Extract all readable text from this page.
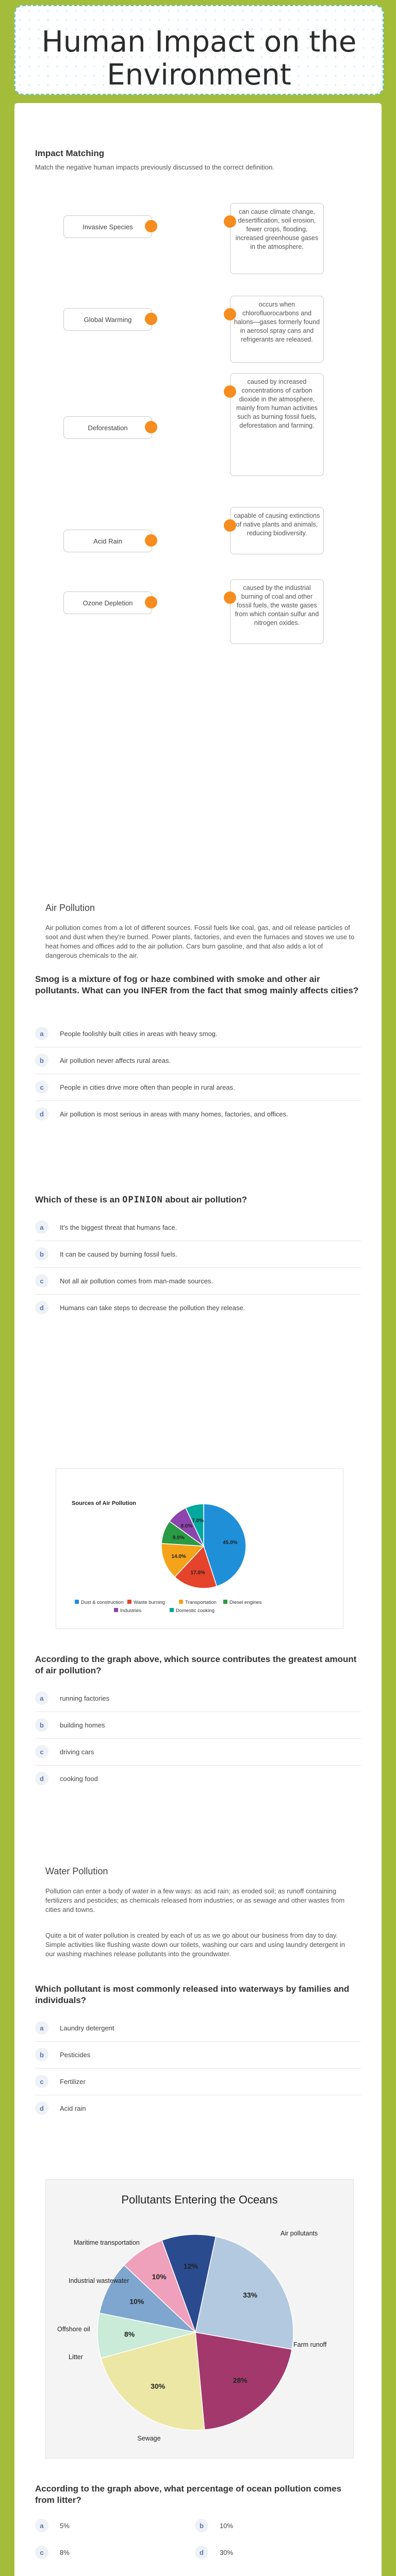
Human Impact on the Environment
Impact Matching
Match the negative human impacts previously discussed to the correct definition.
Invasive Species
Global Warming
Deforestation
Acid Rain
Ozone Depletion
can cause climate change, desertification, soil erosion, fewer crops, flooding, increased greenhouse gases in the atmosphere.
occurs when chlorofluorocarbons and halons—gases formerly found in aerosol spray cans and refrigerants are released.
caused by increased concentrations of carbon dioxide in the atmosphere, mainly from human activities such as burning fossil fuels, deforestation and farming.
capable of causing extinctions of native plants and animals, reducing biodiversity.
caused by the industrial burning of coal and other fossil fuels, the waste gases from which contain sulfur and nitrogen oxides.
Air Pollution
Air pollution comes from a lot of different sources. Fossil fuels like coal, gas, and oil release particles of soot and dust when they're burned. Power plants, factories, and even the furnaces and stoves we use to heat homes and offices add to the air pollution. Cars burn gasoline, and that also adds a lot of dangerous chemicals to the air.
Smog is a mixture of fog or haze combined with smoke and other air pollutants. What can you INFER from the fact that smog mainly affects cities?
a	People foolishly built cities in areas with heavy smog.
b	Air pollution never affects rural areas.
c	People in cities drive more often than people in rural areas.
d	Air pollution is most serious in areas with many homes, factories, and offices.
Which of these is an OPINION about air pollution?
a	It's the biggest threat that humans face.
b	It can be caused by burning fossil fuels.
c	Not all air pollution comes from man-made sources.
d	Humans can take steps to decrease the pollution they release.
Sources of Air Pollution
45.0%
17.0%
14.0%
9.0%
8.0%
7.0%
Dust & construction Waste burning	Transportation	Diesel engines
Industries	Domestic cooking
According to the graph above, which source contributes the greatest amount of air pollution?
a	running factories
b	building homes
c	driving cars
d	cooking food
Water Pollution
Pollution can enter a body of water in a few ways: as acid rain; as eroded soil; as runoff containing fertilizers and pesticides; as chemicals released from industries; or as sewage and other wastes from cities and towns.
Quite a bit of water pollution is created by each of us as we go about our business from day to day. Simple activities like flushing waste down our toilets, washing our cars and using laundry detergent in our washing machines release pollutants into the groundwater.
Which pollutant is most commonly released into waterways by families and individuals?
a	Laundry detergent
b	Pesticides
c	Fertilizer
d	Acid rain
Pollutants Entering the Oceans
33%
28%
30%
8%
10%
10%
12%
Air pollutants
Farm runoff
Sewage
Litter
Offshore oil
Industrial wastewater
Maritime transportation
According to the graph above, what percentage of ocean pollution comes from litter?
a	5%	b	10%
c	8%	d	30%
